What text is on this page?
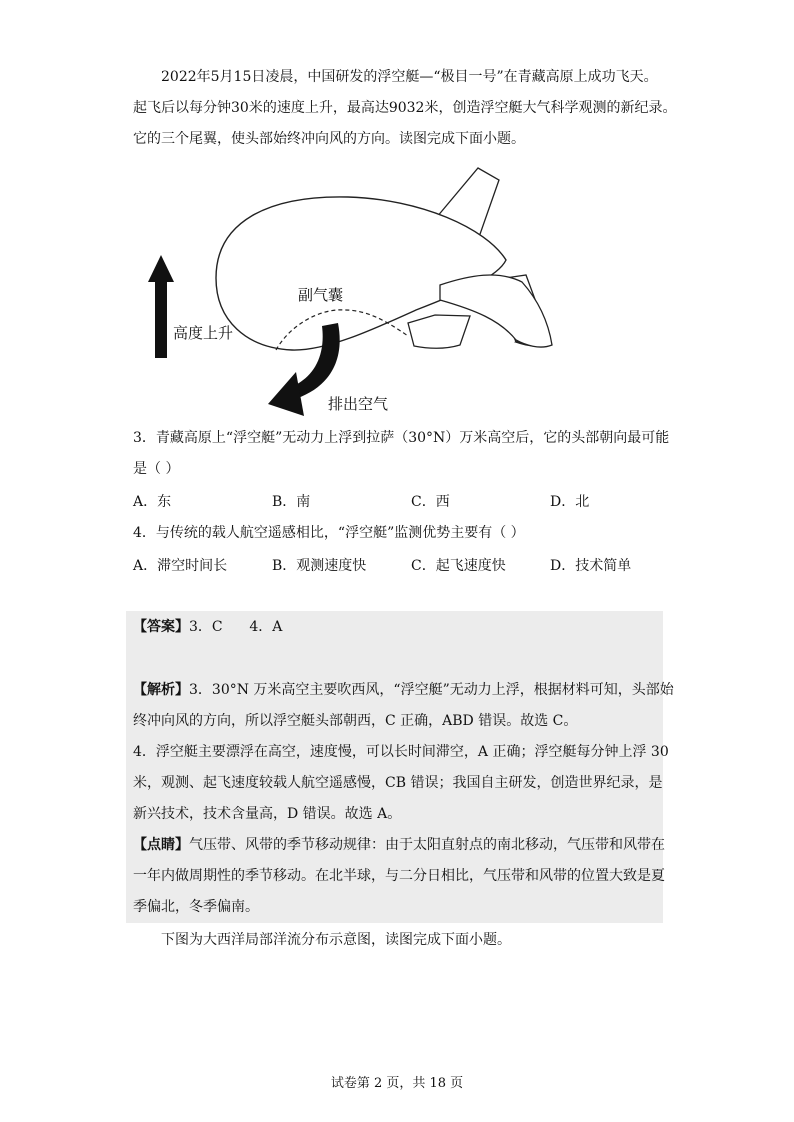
2022年5月15日凌晨，中国研发的浮空艇—“极目一号”在青藏高原上成功飞天。
起飞后以每分钟30米的速度上升，最高达9032米，创造浮空艇大气科学观测的新纪录。
它的三个尾翼，使头部始终冲向风的方向。读图完成下面小题。
高度上升
副气囊
排出空气
3．青藏高原上“浮空艇”无动力上浮到拉萨（30°N）万米高空后，它的头部朝向最可能
是（ ）
A．东	B．南	C．西	D．北
4．与传统的载人航空遥感相比，“浮空艇”监测优势主要有（ ）
A．滞空时间长	B．观测速度快	C．起飞速度快	D．技术简单
【答案】3．C      4．A
【解析】3．30°N 万米高空主要吹西风，“浮空艇”无动力上浮，根据材料可知，头部始
终冲向风的方向，所以浮空艇头部朝西，C 正确，ABD 错误。故选 C。
4．浮空艇主要漂浮在高空，速度慢，可以长时间滞空，A 正确；浮空艇每分钟上浮 30
米，观测、起飞速度较载人航空遥感慢，CB 错误；我国自主研发，创造世界纪录，是
新兴技术，技术含量高，D 错误。故选 A。
【点睛】气压带、风带的季节移动规律：由于太阳直射点的南北移动，气压带和风带在
一年内做周期性的季节移动。在北半球，与二分日相比，气压带和风带的位置大致是夏
季偏北，冬季偏南。
下图为大西洋局部洋流分布示意图，读图完成下面小题。
试卷第 2 页，共 18 页
